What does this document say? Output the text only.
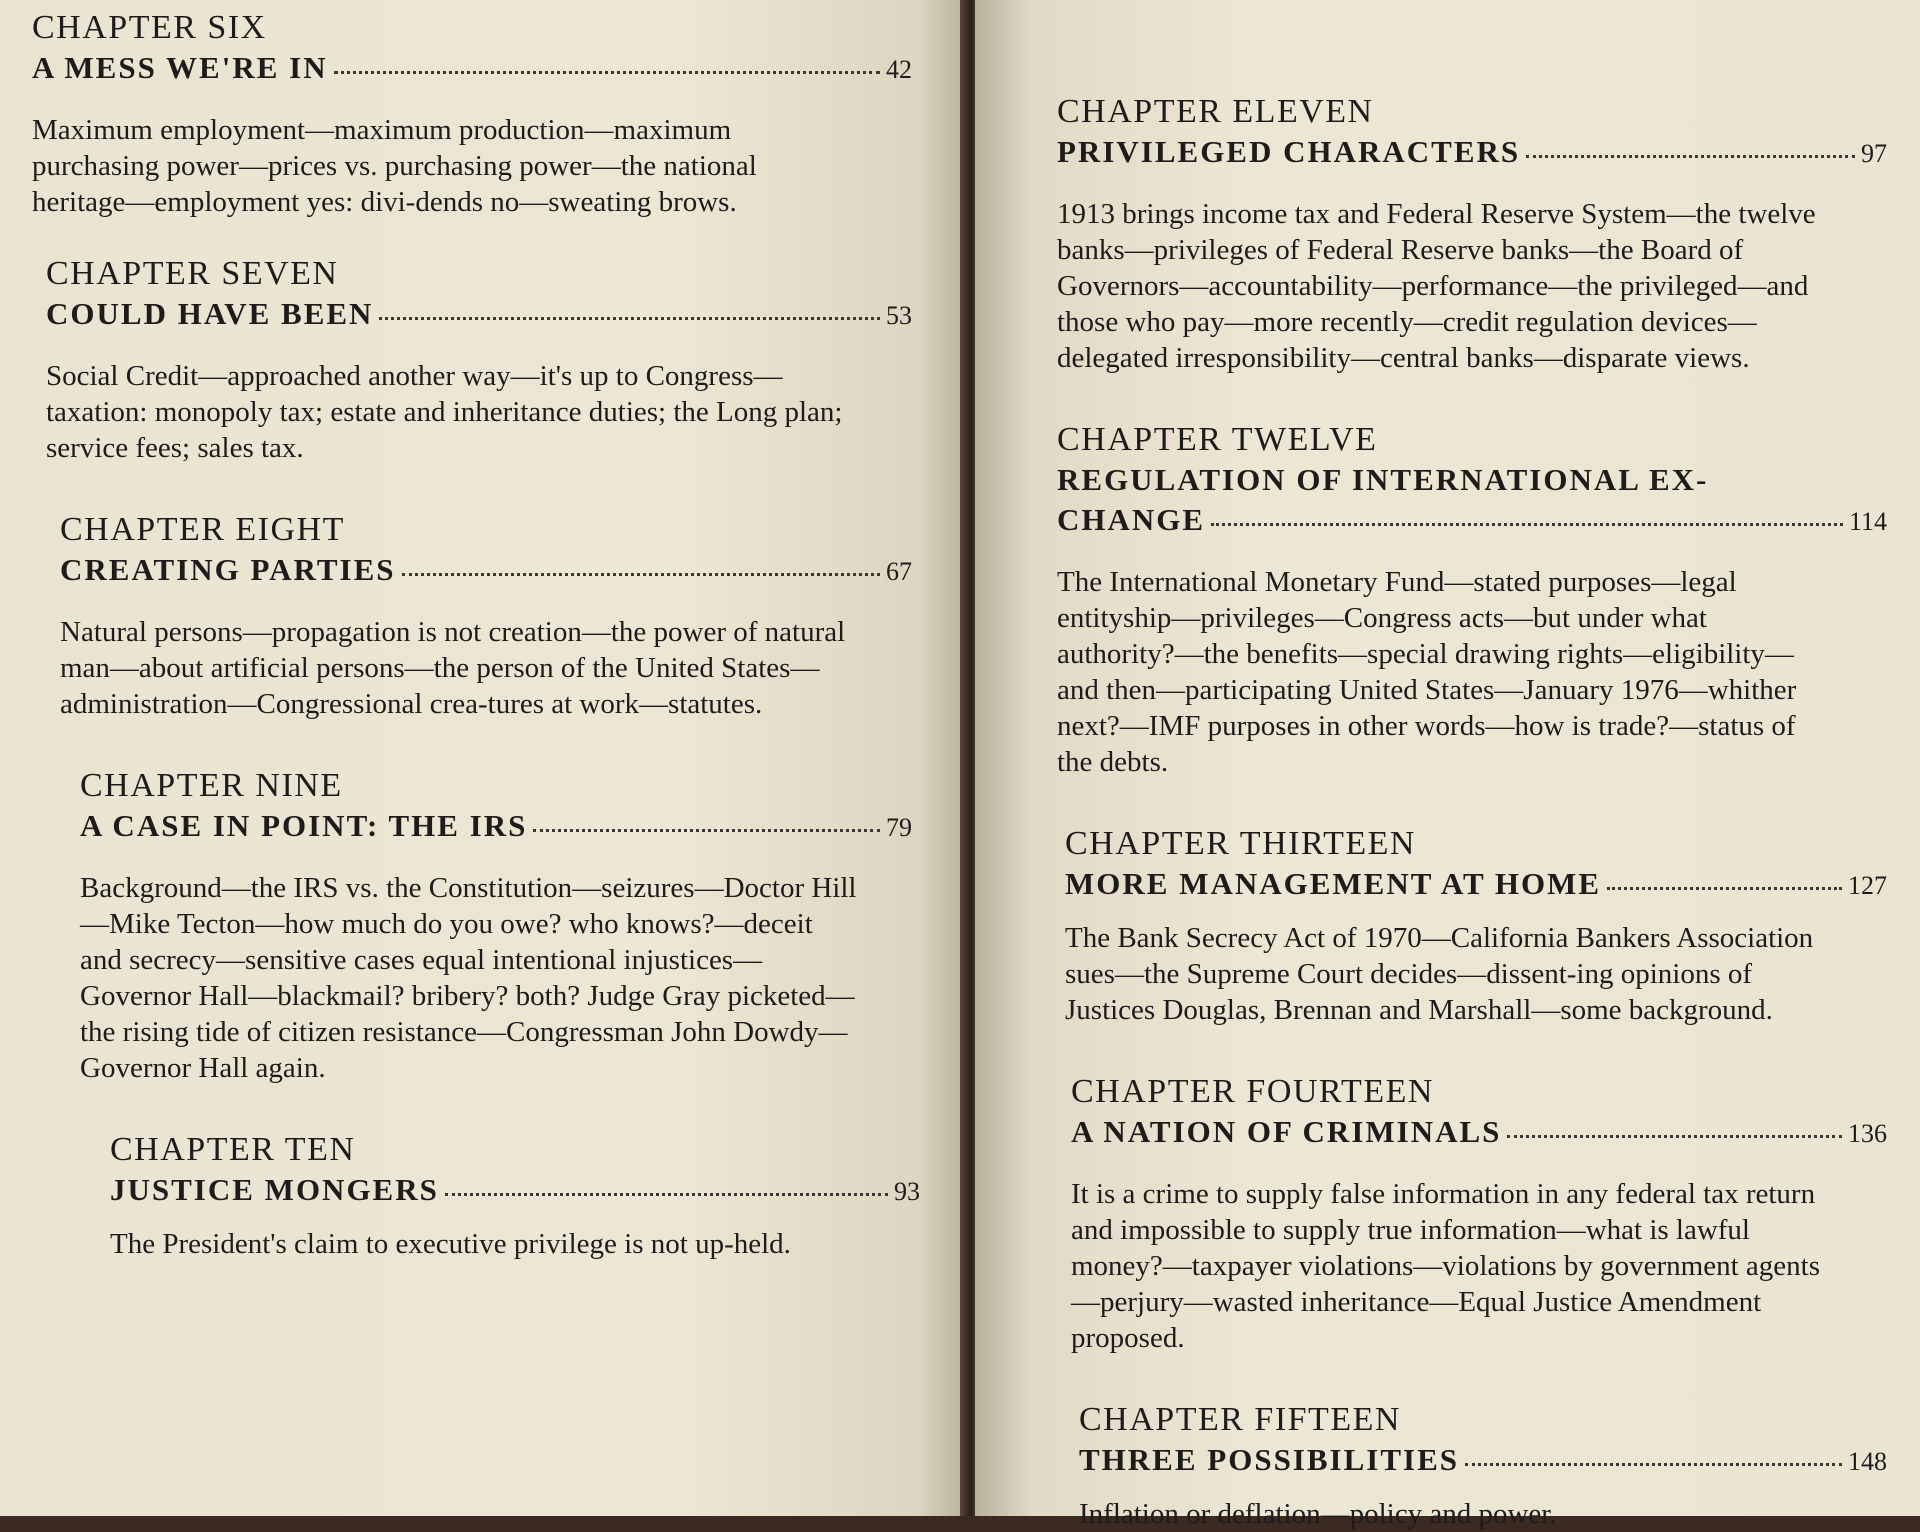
CHAPTER SIX
A MESS WE'RE IN	42
Maximum employment—maximum production—maximum purchasing power—prices vs. purchasing power—the national heritage—employment yes: divi-dends no—sweating brows.
CHAPTER SEVEN
COULD HAVE BEEN	53
Social Credit—approached another way—it's up to Congress—taxation: monopoly tax; estate and inheritance duties; the Long plan; service fees; sales tax.
CHAPTER EIGHT
CREATING PARTIES	67
Natural persons—propagation is not creation—the power of natural man—about artificial persons—the person of the United States—administration—Congressional crea-tures at work—statutes.
CHAPTER NINE
A CASE IN POINT: THE IRS	79
Background—the IRS vs. the Constitution—seizures—Doctor Hill—Mike Tecton—how much do you owe? who knows?—deceit and secrecy—sensitive cases equal intentional injustices—Governor Hall—blackmail? bribery? both? Judge Gray picketed—the rising tide of citizen resistance—Congressman John Dowdy—Governor Hall again.
CHAPTER TEN
JUSTICE MONGERS	93
The President's claim to executive privilege is not up-held.
CHAPTER ELEVEN
PRIVILEGED CHARACTERS	97
1913 brings income tax and Federal Reserve System—the twelve banks—privileges of Federal Reserve banks—the Board of Governors—accountability—performance—the privileged—and those who pay—more recently—credit regulation devices—delegated irresponsibility—central banks—disparate views.
CHAPTER TWELVE
REGULATION OF INTERNATIONAL EX-
CHANGE	114
The International Monetary Fund—stated purposes—legal entityship—privileges—Congress acts—but under what authority?—the benefits—special drawing rights—eligibility—and then—participating United States—January 1976—whither next?—IMF purposes in other words—how is trade?—status of the debts.
CHAPTER THIRTEEN
MORE MANAGEMENT AT HOME	127
The Bank Secrecy Act of 1970—California Bankers Association sues—the Supreme Court decides—dissent-ing opinions of Justices Douglas, Brennan and Marshall—some background.
CHAPTER FOURTEEN
A NATION OF CRIMINALS	136
It is a crime to supply false information in any federal tax return and impossible to supply true information—what is lawful money?—taxpayer violations—violations by government agents—perjury—wasted inheritance—Equal Justice Amendment proposed.
CHAPTER FIFTEEN
THREE POSSIBILITIES	148
Inflation or deflation—policy and power.
